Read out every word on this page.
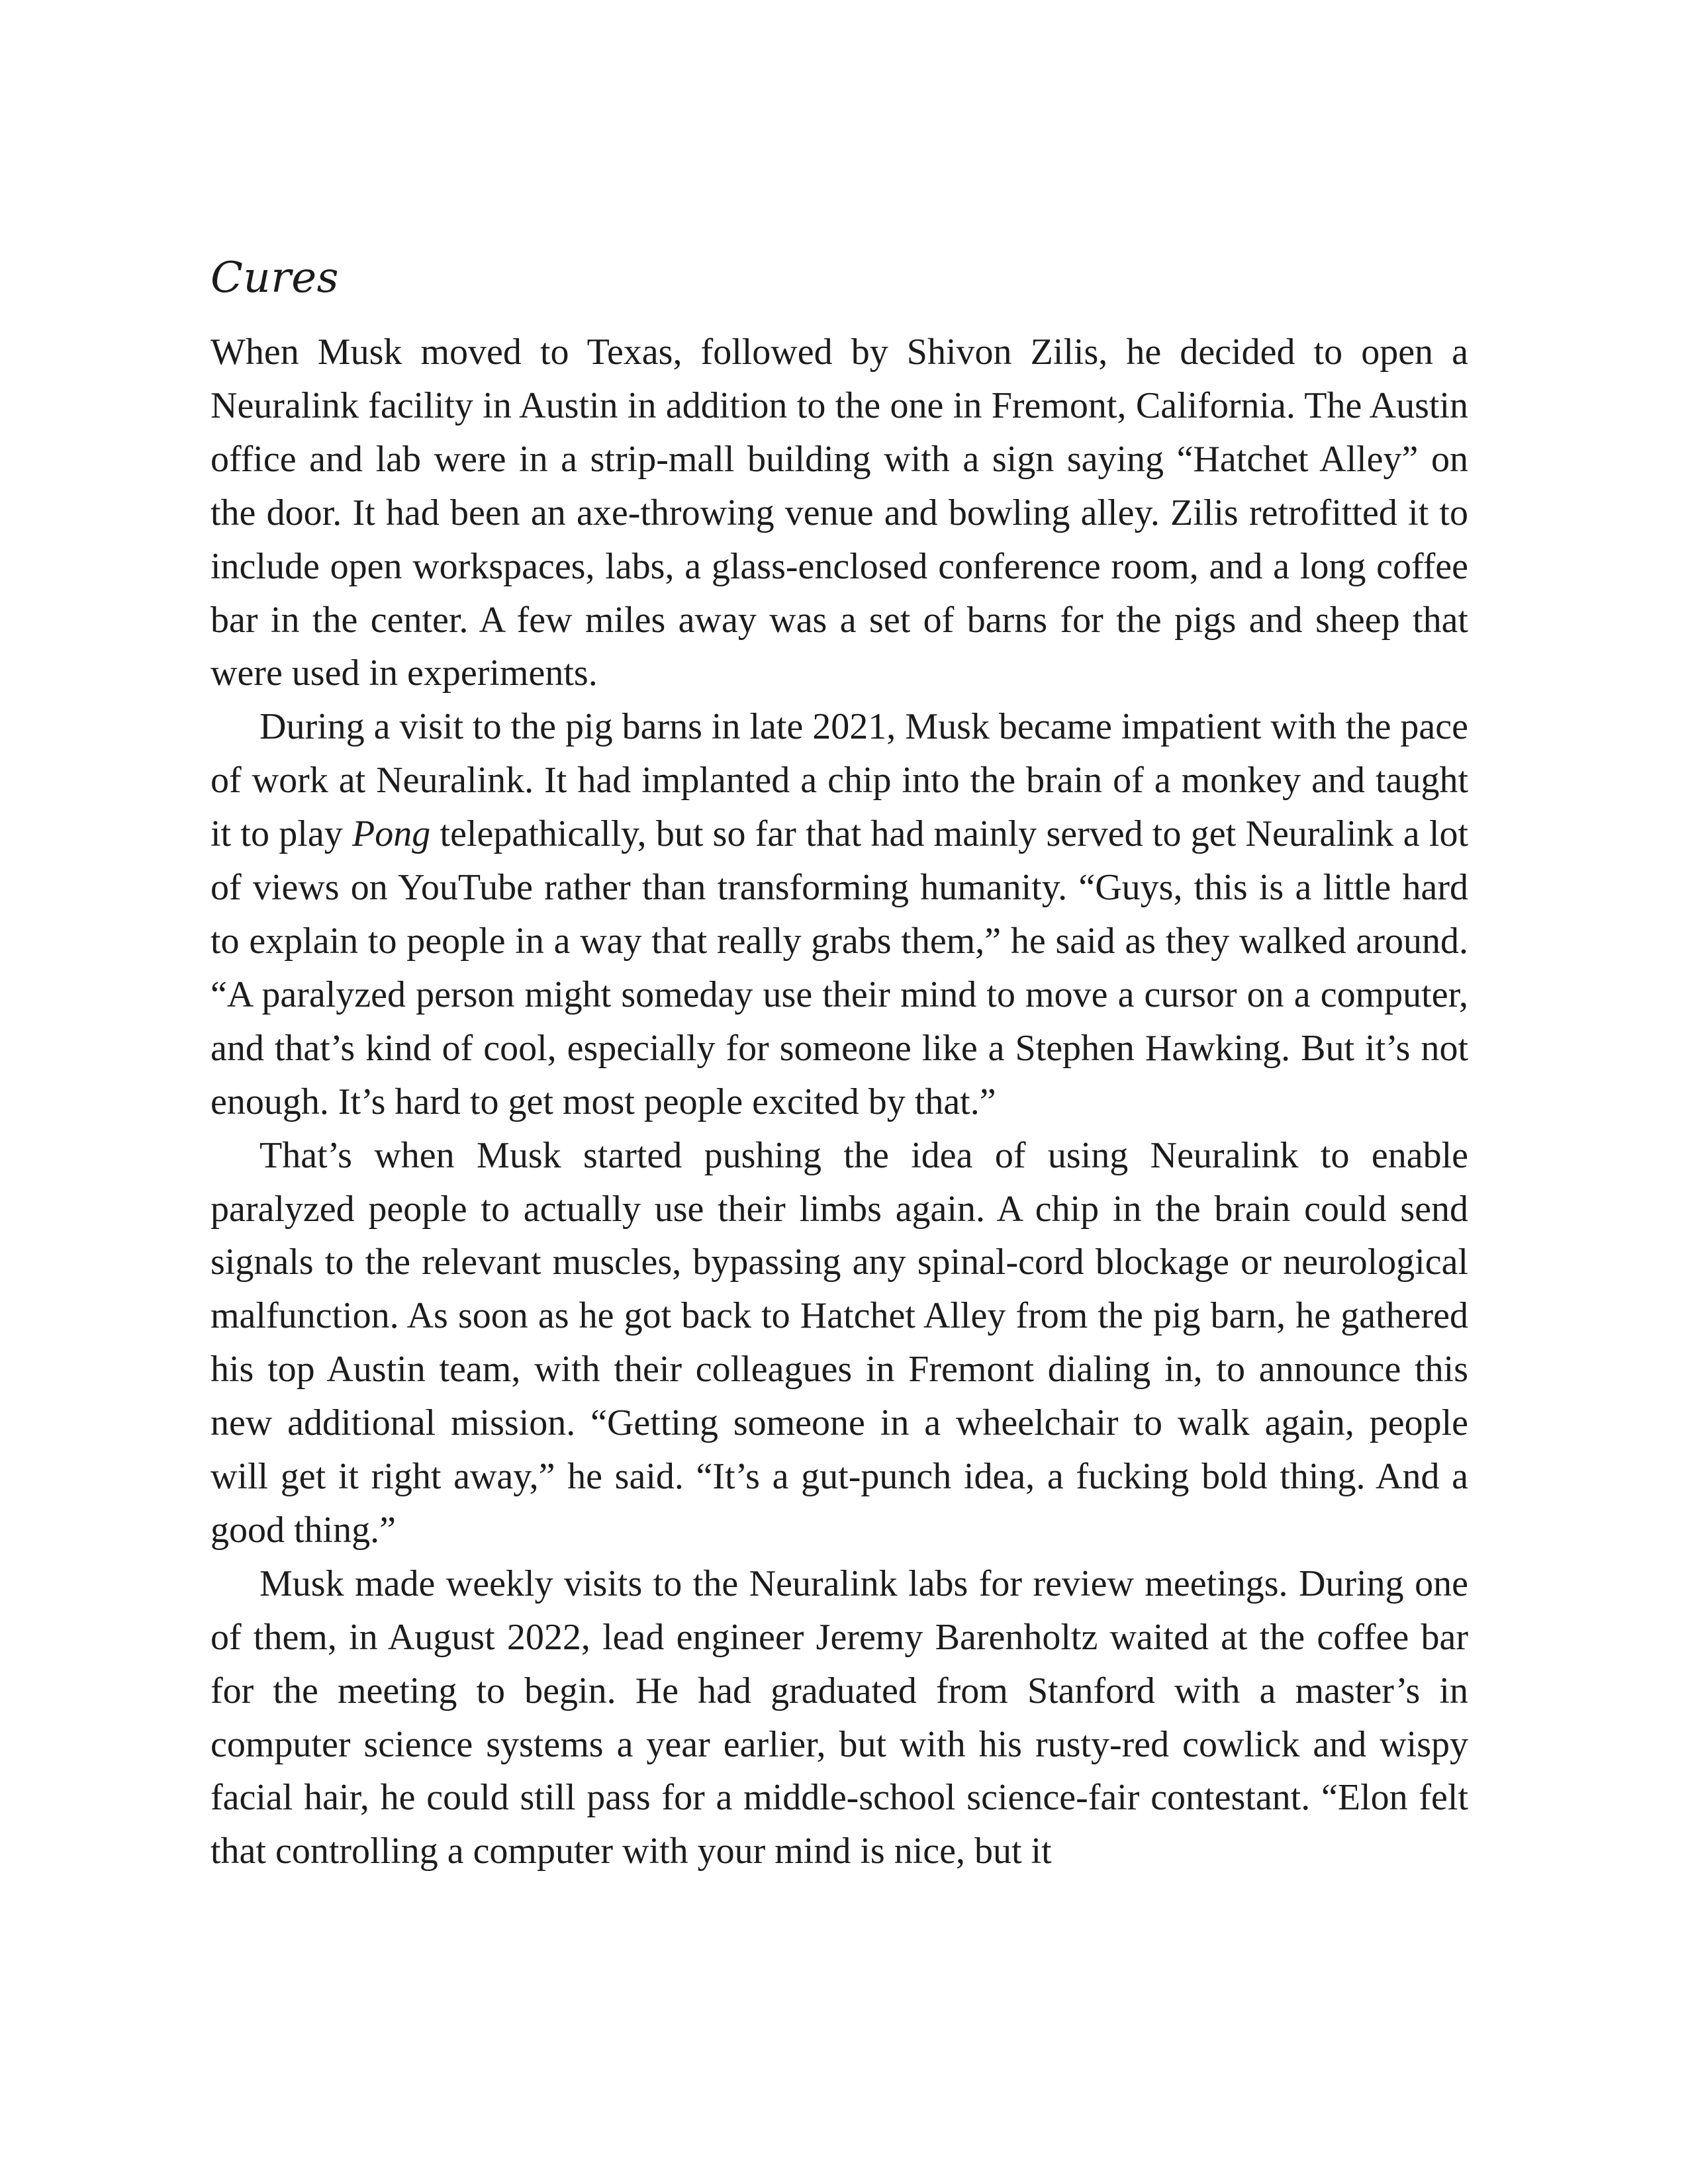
Cures

When Musk moved to Texas, followed by Shivon Zilis, he decided to open a Neuralink facility in Austin in addition to the one in Fremont, California. The Austin office and lab were in a strip-mall building with a sign saying “Hatchet Alley” on the door. It had been an axe-throwing venue and bowling alley. Zilis retrofitted it to include open workspaces, labs, a glass-enclosed conference room, and a long coffee bar in the center. A few miles away was a set of barns for the pigs and sheep that were used in experiments.

During a visit to the pig barns in late 2021, Musk became impatient with the pace of work at Neuralink. It had implanted a chip into the brain of a monkey and taught it to play Pong telepathically, but so far that had mainly served to get Neuralink a lot of views on YouTube rather than transforming humanity. “Guys, this is a little hard to explain to people in a way that really grabs them,” he said as they walked around. “A paralyzed person might someday use their mind to move a cursor on a computer, and that’s kind of cool, especially for someone like a Stephen Hawking. But it’s not enough. It’s hard to get most people excited by that.”

That’s when Musk started pushing the idea of using Neuralink to enable paralyzed people to actually use their limbs again. A chip in the brain could send signals to the relevant muscles, bypassing any spinal-cord blockage or neurological malfunction. As soon as he got back to Hatchet Alley from the pig barn, he gathered his top Austin team, with their colleagues in Fremont dialing in, to announce this new additional mission. “Getting someone in a wheelchair to walk again, people will get it right away,” he said. “It’s a gut-punch idea, a fucking bold thing. And a good thing.”

Musk made weekly visits to the Neuralink labs for review meetings. During one of them, in August 2022, lead engineer Jeremy Barenholtz waited at the coffee bar for the meeting to begin. He had graduated from Stanford with a master’s in computer science systems a year earlier, but with his rusty-red cowlick and wispy facial hair, he could still pass for a middle-school science-fair contestant. “Elon felt that controlling a computer with your mind is nice, but it
